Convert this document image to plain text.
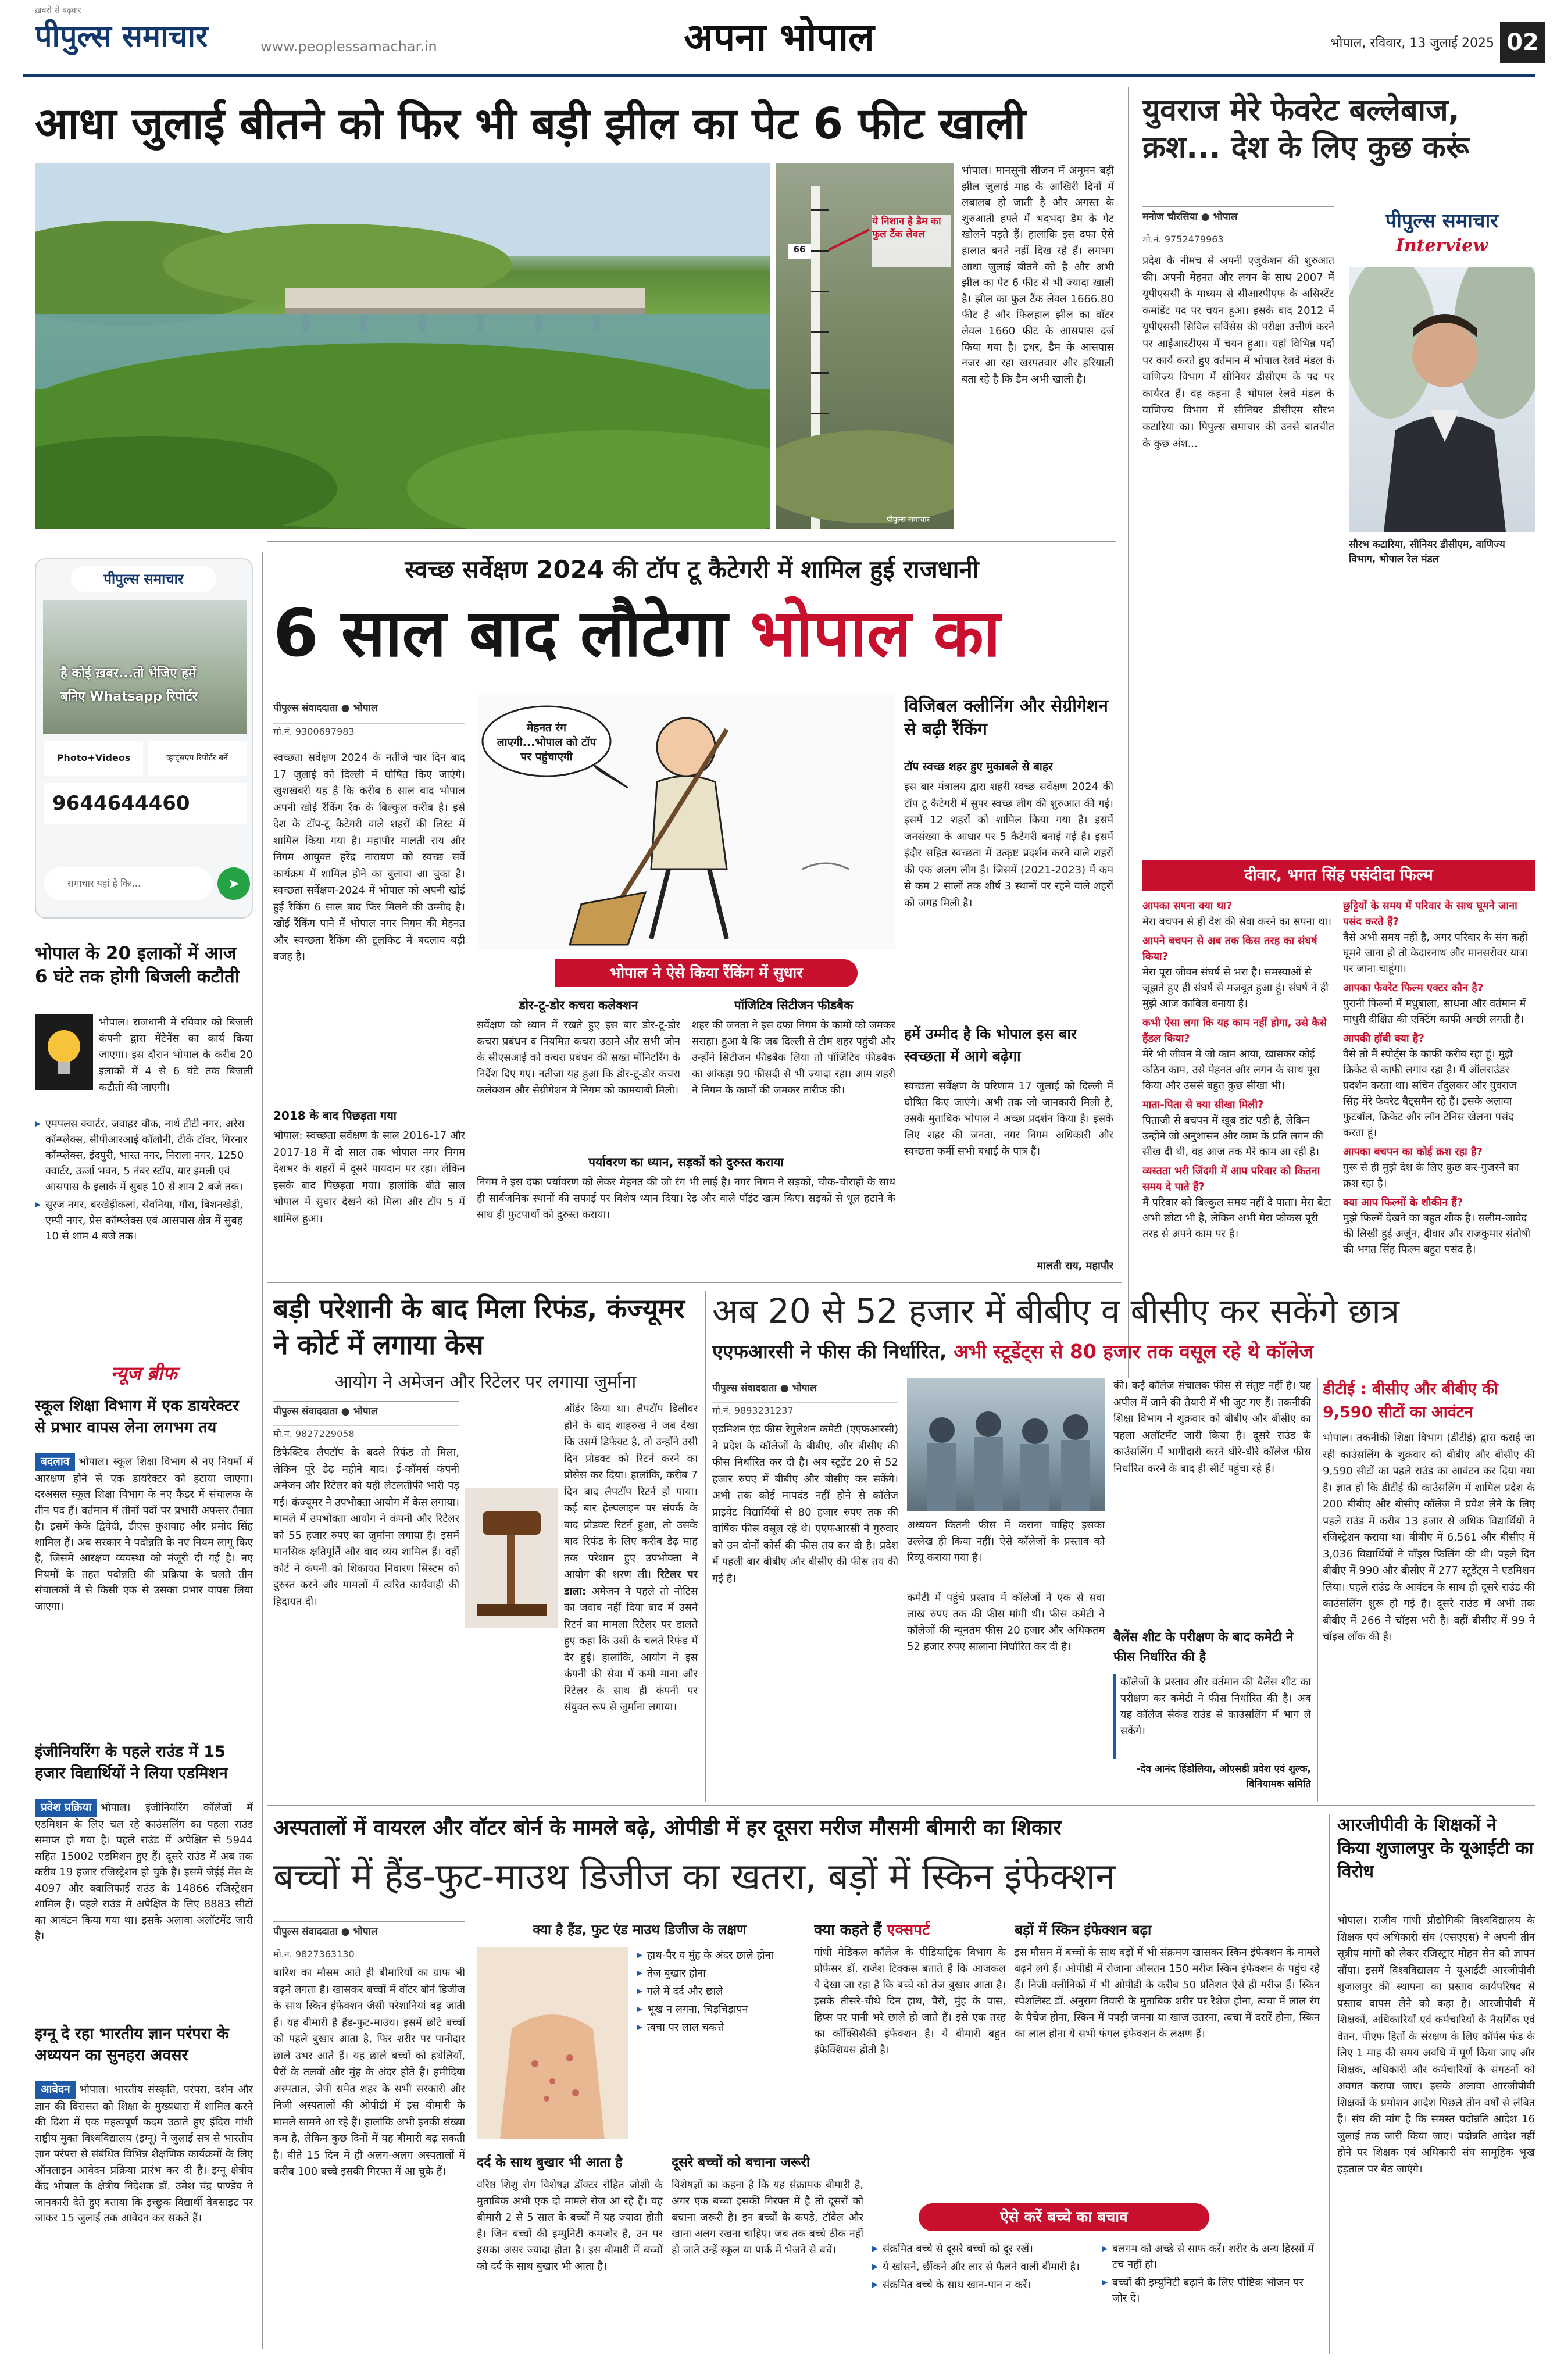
पीपुल्स समाचार
ख़बरों से बढ़कर
www.peoplessamachar.in	अपना भोपाल	भोपाल, रविवार, 13 जुलाई 2025 02
आधा जुलाई बीतने को फिर भी बड़ी झील का पेट 6 फीट खाली
66
ये निशान है डैम का फुल टैंक लेवल
पीपुल्स समाचार
भोपाल। मानसूनी सीजन में अमूमन बड़ी झील जुलाई माह के आखिरी दिनों में लबालब हो जाती है और अगस्त के शुरुआती हफ्ते में भदभदा डैम के गेट खोलने पड़ते हैं। हालांकि इस दफा ऐसे हालात बनते नहीं दिख रहे हैं। लगभग आधा जुलाई बीतने को है और अभी झील का पेट 6 फीट से भी ज्यादा खाली है। झील का फुल टैंक लेवल 1666.80 फीट है और फिलहाल झील का वॉटर लेवल 1660 फीट के आसपास दर्ज किया गया है। इधर, डैम के आसपास नजर आ रहा खरपतवार और हरियाली बता रहे है कि डैम अभी खाली है।
युवराज मेरे फेवरेट बल्लेबाज, क्रश... देश के लिए कुछ करूं
मनोज चौरसिया ● भोपाल
मो.नं. 9752479963
प्रदेश के नीमच से अपनी एजुकेशन की शुरुआत की। अपनी मेहनत और लगन के साथ 2007 में यूपीएससी के माध्यम से सीआरपीएफ के असिस्टेंट कमांडेंट पद पर चयन हुआ। इसके बाद 2012 में यूपीएससी सिविल सर्विसेस की परीक्षा उत्तीर्ण करने पर आईआरटीएस में चयन हुआ। यहां विभिन्न पदों पर कार्य करते हुए वर्तमान में भोपाल रेलवे मंडल के वाणिज्य विभाग में सीनियर डीसीएम के पद पर कार्यरत हैं। वह कहना है भोपाल रेलवे मंडल के वाणिज्य विभाग में सीनियर डीसीएम सौरभ कटारिया का। पिपुल्स समाचार की उनसे बातचीत के कुछ अंश...
पीपुल्स समाचार
Interview
सौरभ कटारिया, सीनियर डीसीएम, वाणिज्य विभाग, भोपाल रेल मंडल
दीवार, भगत सिंह पसंदीदा फिल्म
आपका सपना क्या था?
मेरा बचपन से ही देश की सेवा करने का सपना था।
आपने बचपन से अब तक किस तरह का संघर्ष किया?
मेरा पूरा जीवन संघर्ष से भरा है। समस्याओं से जूझते हुए ही संघर्ष से मजबूत हुआ हूं। संघर्ष ने ही मुझे आज काबिल बनाया है।
कभी ऐसा लगा कि यह काम नहीं होगा, उसे कैसे हैंडल किया?
मेरे भी जीवन में जो काम आया, खासकर कोई कठिन काम, उसे मेहनत और लगन के साथ पूरा किया और उससे बहुत कुछ सीखा भी।
माता-पिता से क्या सीखा मिली?
पिताजी से बचपन में खूब डांट पड़ी है, लेकिन उन्होंने जो अनुशासन और काम के प्रति लगन की सीख दी थी, वह आज तक मेरे काम आ रही है।
व्यस्तता भरी जिंदगी में आप परिवार को कितना समय दे पाते हैं?
मैं परिवार को बिल्कुल समय नहीं दे पाता। मेरा बेटा अभी छोटा भी है, लेकिन अभी मेरा फोकस पूरी तरह से अपने काम पर है।
छुट्टियों के समय में परिवार के साथ घूमने जाना पसंद करते हैं?
वैसे अभी समय नहीं है, अगर परिवार के संग कहीं घूमने जाना हो तो केदारनाथ और मानसरोवर यात्रा पर जाना चाहूंगा।
आपका फेवरेट फिल्म एक्टर कौन है?
पुरानी फिल्मों में मधुबाला, साधना और वर्तमान में माधुरी दीक्षित की एक्टिंग काफी अच्छी लगती है।
आपकी हॉबी क्या है?
वैसे तो मैं स्पोर्ट्स के काफी करीब रहा हूं। मुझे क्रिकेट से काफी लगाव रहा है। मैं ऑलराउंडर प्रदर्शन करता था। सचिन तेंदुलकर और युवराज सिंह मेरे फेवरेट बैट्समैन रहे हैं। इसके अलावा फुटबॉल, क्रिकेट और लॉन टेनिस खेलना पसंद करता हूं।
आपका बचपन का कोई क्रश रहा है?
गुरू से ही मुझे देश के लिए कुछ कर-गुजरने का क्रश रहा है।
क्या आप फिल्मों के शौकीन हैं?
मुझे फिल्में देखने का बहुत शौक है। सलीम-जावेद की लिखी हुई अर्जुन, दीवार और राजकुमार संतोषी की भगत सिंह फिल्म बहुत पसंद है।
पीपुल्स समाचार
है कोई ख़बर...तो भेजिए हमें
बनिए Whatsapp रिपोर्टर
Photo+Videos	व्हाट्सएप रिपोर्टर बनें
9644644460
समाचार यहां है किः...	➤
भोपाल के 20 इलाकों में आज 6 घंटे तक होगी बिजली कटौती
भोपाल। राजधानी में रविवार को बिजली कंपनी द्वारा मेंटेनेंस का कार्य किया जाएगा। इस दौरान भोपाल के करीब 20 इलाकों में 4 से 6 घंटे तक बिजली कटौती की जाएगी।
▶ एमपलस क्वार्टर, जवाहर चौक, नार्थ टीटी नगर, अरेरा कॉम्प्लेक्स, सीपीआरआई कॉलोनी, टीके टॉवर, गिरनार कॉम्प्लेक्स, इंदपुरी, भारत नगर, निराला नगर, 1250 क्वार्टर, ऊर्जा भवन, 5 नंबर स्टॉप, यार इमली एवं आसपास के इलाके में सुबह 10 से शाम 2 बजे तक।
▶ सूरज नगर, बरखेड़ीकलां, सेवनिया, गौरा, बिशनखेड़ी, एम्पी नगर, प्रेस कॉम्प्लेक्स एवं आसपास क्षेत्र में सुबह 10 से शाम 4 बजे तक।
न्यूज ब्रीफ
स्कूल शिक्षा विभाग में एक डायरेक्टर से प्रभार वापस लेना लगभग तय
बदलाव भोपाल। स्कूल शिक्षा विभाग से नए नियमों में आरक्षण होने से एक डायरेक्टर को हटाया जाएगा। दरअसल स्कूल शिक्षा विभाग के नए कैडर में संचालक के तीन पद हैं। वर्तमान में तीनों पदों पर प्रभारी अफसर तैनात है। इसमें केके द्विवेदी, डीएस कुशवाह और प्रमोद सिंह शामिल हैं। अब सरकार ने पदोन्नति के नए नियम लागू किए हैं, जिसमें आरक्षण व्यवस्था को मंजूरी दी गई है। नए नियमों के तहत पदोन्नति की प्रक्रिया के चलते तीन संचालकों में से किसी एक से उसका प्रभार वापस लिया जाएगा।
इंजीनियरिंग के पहले राउंड में 15 हजार विद्यार्थियों ने लिया एडमिशन
प्रवेश प्रक्रिया भोपाल। इंजीनियरिंग कॉलेजों में एडमिशन के लिए चल रहे काउंसलिंग का पहला राउंड समाप्त हो गया है। पहले राउंड में अपेक्षित से 5944 सहित 15002 एडमिशन हुए हैं। दूसरे राउंड में अब तक करीब 19 हजार रजिस्ट्रेशन हो चुके हैं। इसमें जेईई मेंस के 4097 और क्वालिफाई राउंड के 14866 रजिस्ट्रेशन शामिल हैं। पहले राउंड में अपेक्षित के लिए 8883 सीटों का आवंटन किया गया था। इसके अलावा अलॉटमेंट जारी है।
इग्नू दे रहा भारतीय ज्ञान परंपरा के अध्ययन का सुनहरा अवसर
आवेदन भोपाल। भारतीय संस्कृति, परंपरा, दर्शन और ज्ञान की विरासत को शिक्षा के मुख्यधारा में शामिल करने की दिशा में एक महत्वपूर्ण कदम उठाते हुए इंदिरा गांधी राष्ट्रीय मुक्त विश्वविद्यालय (इग्नू) ने जुलाई सत्र से भारतीय ज्ञान परंपरा से संबंधित विभिन्न शैक्षणिक कार्यक्रमों के लिए ऑनलाइन आवेदन प्रक्रिया प्रारंभ कर दी है। इग्नू क्षेत्रीय केंद्र भोपाल के क्षेत्रीय निदेशक डॉ. उमेश चंद्र पाण्डेय ने जानकारी देते हुए बताया कि इच्छुक विद्यार्थी वेबसाइट पर जाकर 15 जुलाई तक आवेदन कर सकते हैं।
स्वच्छ सर्वेक्षण 2024 की टॉप टू कैटेगरी में शामिल हुई राजधानी
6 साल बाद लौटेगा भोपाल का
पीपुल्स संवाददाता ● भोपाल
मो.नं. 9300697983
स्वच्छता सर्वेक्षण 2024 के नतीजे चार दिन बाद 17 जुलाई को दिल्ली में घोषित किए जाएंगे। खुशखबरी यह है कि करीब 6 साल बाद भोपाल अपनी खोई रैंकिंग रैंक के बिल्कुल करीब है। इसे देश के टॉप-टू कैटेगरी वाले शहरों की लिस्ट में शामिल किया गया है। महापौर मालती राय और निगम आयुक्त हरेंद्र नारायण को स्वच्छ सर्वे कार्यक्रम में शामिल होने का बुलावा आ चुका है। स्वच्छता सर्वेक्षण-2024 में भोपाल को अपनी खोई हुई रैंकिंग 6 साल बाद फिर मिलने की उम्मीद है। खोई रैंकिंग पाने में भोपाल नगर निगम की मेहनत और स्वच्छता रैंकिंग की टूलकिट में बदलाव बड़ी वजह है।
2018 के बाद पिछड़ता गया
भोपाल: स्वच्छता सर्वेक्षण के साल 2016-17 और 2017-18 में दो साल तक भोपाल नगर निगम देशभर के शहरों में दूसरे पायदान पर रहा। लेकिन इसके बाद पिछड़ता गया। हालांकि बीते साल भोपाल में सुधार देखने को मिला और टॉप 5 में शामिल हुआ।
मेहनत रंग लाएगी...भोपाल को टॉप पर पहुंचाएगी
विजिबल क्लीनिंग और सेग्रीगेशन से बढ़ी रैंकिंग
टॉप स्वच्छ शहर हुए मुकाबले से बाहर
इस बार मंत्रालय द्वारा शहरी स्वच्छ सर्वेक्षण 2024 की टॉप टू कैटेगरी में सुपर स्वच्छ लीग की शुरुआत की गई। इसमें 12 शहरों को शामिल किया गया है। इसमें जनसंख्या के आधार पर 5 कैटेगरी बनाई गई है। इसमें इंदौर सहित स्वच्छता में उत्कृष्ट प्रदर्शन करने वाले शहरों की एक अलग लीग है। जिसमें (2021-2023) में कम से कम 2 सालों तक शीर्ष 3 स्थानों पर रहने वाले शहरों को जगह मिली है।
भोपाल ने ऐसे किया रैंकिंग में सुधार
डोर-टू-डोर कचरा कलेक्शन
सर्वेक्षण को ध्यान में रखते हुए इस बार डोर-टू-डोर कचरा प्रबंधन व नियमित कचरा उठाने और सभी जोन के सीएसआई को कचरा प्रबंधन की सख्त मॉनिटरिंग के निर्देश दिए गए। नतीजा यह हुआ कि डोर-टू-डोर कचरा कलेक्शन और सेग्रीगेशन में निगम को कामयाबी मिली।
पॉजिटिव सिटीजन फीडबैक
शहर की जनता ने इस दफा निगम के कामों को जमकर सराहा। हुआ ये कि जब दिल्ली से टीम शहर पहुंची और उन्होंने सिटीजन फीडबैक लिया तो पॉजिटिव फीडबैक का आंकड़ा 90 फीसदी से भी ज्यादा रहा। आम शहरी ने निगम के कामों की जमकर तारीफ की।
पर्यावरण का ध्यान, सड़कों को दुरुस्त कराया
निगम ने इस दफा पर्यावरण को लेकर मेहनत की जो रंग भी लाई है। नगर निगम ने सड़कों, चौक-चौराहों के साथ ही सार्वजनिक स्थानों की सफाई पर विशेष ध्यान दिया। रेड़ और वाले पॉइंट खत्म किए। सड़कों से धूल हटाने के साथ ही फुटपाथों को दुरुस्त कराया।
हमें उम्मीद है कि भोपाल इस बार स्वच्छता में आगे बढ़ेगा
स्वच्छता सर्वेक्षण के परिणाम 17 जुलाई को दिल्ली में घोषित किए जाएंगे। अभी तक जो जानकारी मिली है, उसके मुताबिक भोपाल ने अच्छा प्रदर्शन किया है। इसके लिए शहर की जनता, नगर निगम अधिकारी और स्वच्छता कर्मी सभी बधाई के पात्र हैं।
मालती राय, महापौर
बड़ी परेशानी के बाद मिला रिफंड, कंज्यूमर ने कोर्ट में लगाया केस
आयोग ने अमेजन और रिटेलर पर लगाया जुर्माना
पीपुल्स संवाददाता ● भोपाल
मो.नं. 9827229058
डिफेक्टिव लैपटॉप के बदले रिफंड तो मिला, लेकिन पूरे डेढ़ महीने बाद। ई-कॉमर्स कंपनी अमेजन और रिटेलर को यही लेटलतीफी भारी पड़ गई। कंज्यूमर ने उपभोक्ता आयोग में केस लगाया। मामले में उपभोक्ता आयोग ने कंपनी और रिटेलर को 55 हजार रुपए का जुर्माना लगाया है। इसमें मानसिक क्षतिपूर्ति और वाद व्यय शामिल हैं। वहीं कोर्ट ने कंपनी को शिकायत निवारण सिस्टम को दुरुस्त करने और मामलों में त्वरित कार्यवाही की हिदायत दी।
ऑर्डर किया था। लैपटॉप डिलीवर होने के बाद शाहरुख ने जब देखा कि उसमें डिफेक्ट है, तो उन्होंने उसी दिन प्रोडक्ट को रिटर्न करने का प्रोसेस कर दिया। हालांकि, करीब 7 दिन बाद लैपटॉप रिटर्न हो पाया। कई बार हेल्पलाइन पर संपर्क के बाद प्रोडक्ट रिटर्न हुआ, तो उसके बाद रिफंड के लिए करीब डेढ़ माह तक परेशान हुए उपभोक्ता ने आयोग की शरण ली। रिटेलर पर डाला: अमेजन ने पहले तो नोटिस का जवाब नहीं दिया बाद में उसने रिटर्न का मामला रिटेलर पर डालते हुए कहा कि उसी के चलते रिफंड में देर हुई। हालांकि, आयोग ने इस कंपनी की सेवा में कमी माना और रिटेलर के साथ ही कंपनी पर संयुक्त रूप से जुर्माना लगाया।
अब 20 से 52 हजार में बीबीए व बीसीए कर सकेंगे छात्र
एएफआरसी ने फीस की निर्धारित, अभी स्टूडेंट्स से 80 हजार तक वसूल रहे थे कॉलेज
पीपुल्स संवाददाता ● भोपाल
मो.नं. 9893231237
एडमिशन एंड फीस रेगुलेशन कमेटी (एएफआरसी) ने प्रदेश के कॉलेजों के बीबीए, और बीसीए की फीस निर्धारित कर दी है। अब स्टूडेंट 20 से 52 हजार रुपए में बीबीए और बीसीए कर सकेंगे। अभी तक कोई मापदंड नहीं होने से कॉलेज प्राइवेट विद्यार्थियों से 80 हजार रुपए तक की वार्षिक फीस वसूल रहे थे। एएफआरसी ने गुरुवार को उन दोनों कोर्स की फीस तय कर दी है। प्रदेश में पहली बार बीबीए और बीसीए की फीस तय की गई है।
अध्ययन कितनी फीस में कराना चाहिए इसका उल्लेख ही किया नहीं। ऐसे कॉलेजों के प्रस्ताव को रिव्यू कराया गया है।
कमेटी में पहुंचे प्रस्ताव में कॉलेजों ने एक से सवा लाख रुपए तक की फीस मांगी थी। फीस कमेटी ने कॉलेजों की न्यूनतम फीस 20 हजार और अधिकतम 52 हजार रुपए सालाना निर्धारित कर दी है।
की। कई कॉलेज संचालक फीस से संतुष्ट नहीं है। यह अपील में जाने की तैयारी में भी जुट गए हैं। तकनीकी शिक्षा विभाग ने शुक्रवार को बीबीए और बीसीए का पहला अलॉटमेंट जारी किया है। दूसरे राउंड के काउंसलिंग में भागीदारी करने धीरे-धीरे कॉलेज फीस निर्धारित करने के बाद ही सीटें पहुंचा रहे हैं।
बैलेंस शीट के परीक्षण के बाद कमेटी ने फीस निर्धारित की है
कॉलेजों के प्रस्ताव और वर्तमान की बैलेंस शीट का परीक्षण कर कमेटी ने फीस निर्धारित की है। अब यह कॉलेज सेकंड राउंड से काउंसलिंग में भाग ले सकेंगे।
-देव आनंद हिंडोलिया, ओएसडी प्रवेश एवं शुल्क, विनियामक समिति
डीटीई : बीसीए और बीबीए की 9,590 सीटों का आवंटन
भोपाल। तकनीकी शिक्षा विभाग (डीटीई) द्वारा कराई जा रही काउंसलिंग के शुक्रवार को बीबीए और बीसीए की 9,590 सीटों का पहले राउंड का आवंटन कर दिया गया है। ज्ञात हो कि डीटीई की काउंसलिंग में शामिल प्रदेश के 200 बीबीए और बीसीए कॉलेज में प्रवेश लेने के लिए पहले राउंड में करीब 13 हजार से अधिक विद्यार्थियों ने रजिस्ट्रेशन कराया था। बीबीए में 6,561 और बीसीए में 3,036 विद्यार्थियों ने चॉइस फिलिंग की थी। पहले दिन बीबीए में 990 और बीसीए में 277 स्टूडेंट्स ने एडमिशन लिया। पहले राउंड के आवंटन के साथ ही दूसरे राउंड की काउंसलिंग शुरू हो गई है। दूसरे राउंड में अभी तक बीबीए में 266 ने चॉइस भरी है। वहीं बीसीए में 99 ने चॉइस लॉक की है।
अस्पतालों में वायरल और वॉटर बोर्न के मामले बढ़े, ओपीडी में हर दूसरा मरीज मौसमी बीमारी का शिकार
बच्चों में हैंड-फुट-माउथ डिजीज का खतरा, बड़ों में स्किन इंफेक्शन
पीपुल्स संवाददाता ● भोपाल
मो.नं. 9827363130
बारिश का मौसम आते ही बीमारियों का ग्राफ भी बढ़ने लगता है। खासकर बच्चों में वॉटर बोर्न डिजीज के साथ स्किन इंफेक्शन जैसी परेशानियां बढ़ जाती हैं। यह बीमारी है हैंड-फुट-माउथ। इसमें छोटे बच्चों को पहले बुखार आता है, फिर शरीर पर पानीदार छाले उभर आते हैं। यह छाले बच्चों को हथेलियों, पैरों के तलवों और मुंह के अंदर होते हैं। हमीदिया अस्पताल, जेपी समेत शहर के सभी सरकारी और निजी अस्पतालों की ओपीडी में इस बीमारी के मामले सामने आ रहे हैं। हालांकि अभी इनकी संख्या कम है, लेकिन कुछ दिनों में यह बीमारी बढ़ सकती है। बीते 15 दिन में ही अलग-अलग अस्पतालों में करीब 100 बच्चे इसकी गिरफ्त में आ चुके हैं।
क्या है हैंड, फुट एंड माउथ डिजीज के लक्षण
▶ हाथ-पैर व मुंह के अंदर छाले होना
▶ तेज बुखार होना
▶ गले में दर्द और छाले
▶ भूख न लगना, चिड़चिड़ापन
▶ त्वचा पर लाल चकत्ते
दर्द के साथ बुखार भी आता है
वरिष्ठ शिशु रोग विशेषज्ञ डॉक्टर रोहित जोशी के मुताबिक अभी एक दो मामले रोज आ रहे हैं। यह बीमारी 2 से 5 साल के बच्चों में यह ज्यादा होती है। जिन बच्चों की इम्युनिटी कमजोर है, उन पर इसका असर ज्यादा होता है। इस बीमारी में बच्चों को दर्द के साथ बुखार भी आता है।
क्या कहते हैं एक्सपर्ट
गांधी मेडिकल कॉलेज के पीडियाट्रिक विभाग के प्रोफेसर डॉ. राजेश टिक्कस बताते हैं कि आजकल ये देखा जा रहा है कि बच्चे को तेज बुखार आता है। इसके तीसरे-चौथे दिन हाथ, पैरों, मुंह के पास, हिप्स पर पानी भरे छाले हो जाते हैं। इसे एक तरह का कॉक्सिसैकी इंफेक्शन है। ये बीमारी बहुत इंफेक्शियस होती है।
दूसरे बच्चों को बचाना जरूरी
विशेषज्ञों का कहना है कि यह संक्रामक बीमारी है, अगर एक बच्चा इसकी गिरफ्त में है तो दूसरों को बचाना जरूरी है। इन बच्चों के कपड़े, टॉवेल और खाना अलग रखना चाहिए। जब तक बच्चे ठीक नहीं हो जाते उन्हें स्कूल या पार्क में भेजने से बचें।
बड़ों में स्किन इंफेक्शन बढ़ा
इस मौसम में बच्चों के साथ बड़ों में भी संक्रमण खासकर स्किन इंफेक्शन के मामले बढ़ने लगे हैं। ओपीडी में रोजाना औसतन 150 मरीज स्किन इंफेक्शन के पहुंच रहे हैं। निजी क्लीनिकों में भी ओपीडी के करीब 50 प्रतिशत ऐसे ही मरीज हैं। स्किन स्पेशलिस्ट डॉ. अनुराग तिवारी के मुताबिक शरीर पर रैशेज होना, त्वचा में लाल रंग के पैचेज होना, स्किन में पपड़ी जमना या खाज उतरना, त्वचा में दरारें होना, स्किन का लाल होना ये सभी फंगल इंफेक्शन के लक्षण हैं।
ऐसे करें बच्चे का बचाव
▶ संक्रमित बच्चे से दूसरे बच्चों को दूर रखें।
▶ ये खांसने, छींकने और लार से फैलने वाली बीमारी है।
▶ संक्रमित बच्चे के साथ खान-पान न करें।
▶ बलगम को अच्छे से साफ करें। शरीर के अन्य हिस्सों में टच नहीं हो।
▶ बच्चों की इम्युनिटी बढ़ाने के लिए पौष्टिक भोजन पर जोर दें।
आरजीपीवी के शिक्षकों ने किया शुजालपुर के यूआईटी का विरोध
भोपाल। राजीव गांधी प्रौद्योगिकी विश्वविद्यालय के शिक्षक एवं अधिकारी संघ (एसएएस) ने अपनी तीन सूत्रीय मांगों को लेकर रजिस्ट्रार मोहन सेन को ज्ञापन सौंपा। इसमें विश्वविद्यालय ने यूआईटी आरजीपीवी शुजालपुर की स्थापना का प्रस्ताव कार्यपरिषद से प्रस्ताव वापस लेने को कहा है। आरजीपीवी में शिक्षकों, अधिकारियों एवं कर्मचारियों के नैसर्गिक एवं वेतन, पीएफ हितों के संरक्षण के लिए कॉर्पस फंड के लिए 1 माह की समय अवधि में पूर्ण किया जाए और शिक्षक, अधिकारी और कर्मचारियों के संगठनों को अवगत कराया जाए। इसके अलावा आरजीपीवी शिक्षकों के प्रमोशन आदेश पिछले तीन वर्षों से लंबित हैं। संघ की मांग है कि समस्त पदोन्नति आदेश 16 जुलाई तक जारी किया जाए। पदोन्नति आदेश नहीं होने पर शिक्षक एवं अधिकारी संघ सामूहिक भूख हड़ताल पर बैठ जाएंगे।
